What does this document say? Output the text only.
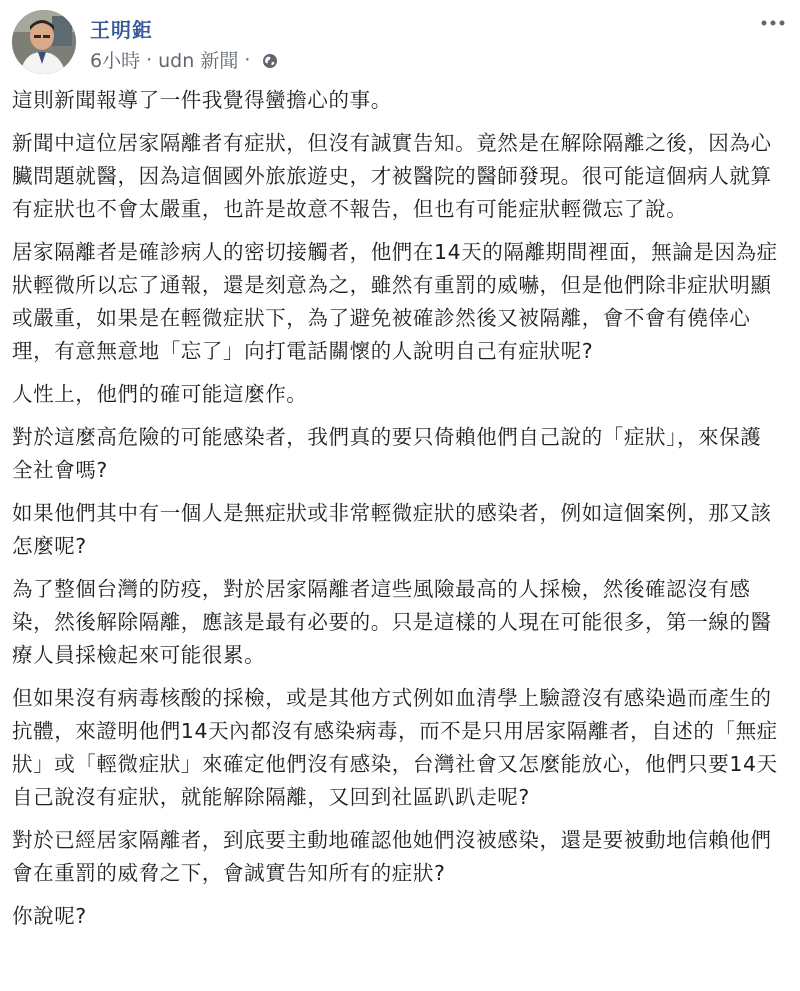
王明鉅
6小時 · udn 新聞 ·

這則新聞報導了一件我覺得蠻擔心的事。

新聞中這位居家隔離者有症狀，但沒有誠實告知。竟然是在解除隔離之後，因為心臟問題就醫，因為這個國外旅旅遊史，才被醫院的醫師發現。很可能這個病人就算有症狀也不會太嚴重，也許是故意不報告，但也有可能症狀輕微忘了說。

居家隔離者是確診病人的密切接觸者，他們在14天的隔離期間裡面，無論是因為症狀輕微所以忘了通報，還是刻意為之，雖然有重罰的威嚇，但是他們除非症狀明顯或嚴重，如果是在輕微症狀下，為了避免被確診然後又被隔離，會不會有僥倖心理，有意無意地「忘了」向打電話關懷的人說明自己有症狀呢?

人性上，他們的確可能這麼作。

對於這麼高危險的可能感染者，我們真的要只倚賴他們自己說的「症狀」，來保護全社會嗎?

如果他們其中有一個人是無症狀或非常輕微症狀的感染者，例如這個案例，那又該怎麼呢?

為了整個台灣的防疫，對於居家隔離者這些風險最高的人採檢，然後確認沒有感染，然後解除隔離，應該是最有必要的。只是這樣的人現在可能很多，第一線的醫療人員採檢起來可能很累。

但如果沒有病毒核酸的採檢，或是其他方式例如血清學上驗證沒有感染過而產生的抗體，來證明他們14天內都沒有感染病毒，而不是只用居家隔離者，自述的「無症狀」或「輕微症狀」來確定他們沒有感染，台灣社會又怎麼能放心，他們只要14天自己說沒有症狀，就能解除隔離，又回到社區趴趴走呢?

對於已經居家隔離者，到底要主動地確認他她們沒被感染，還是要被動地信賴他們會在重罰的威脅之下，會誠實告知所有的症狀?

你說呢?
